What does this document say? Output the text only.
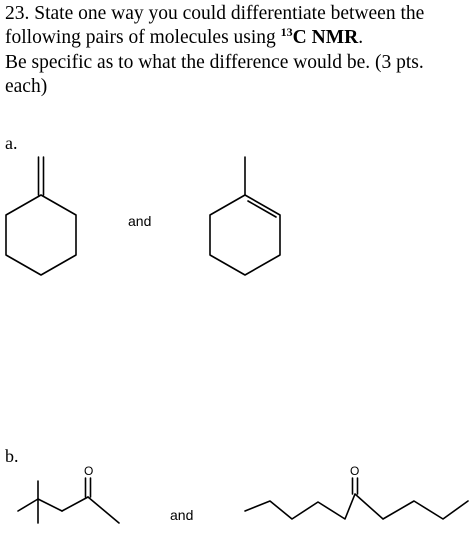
23. State one way you could differentiate between the
following pairs of molecules using $^{13}$C NMR.
Be specific as to what the difference would be. (3 pts.
each)
a.
and
b.
and
O	O
